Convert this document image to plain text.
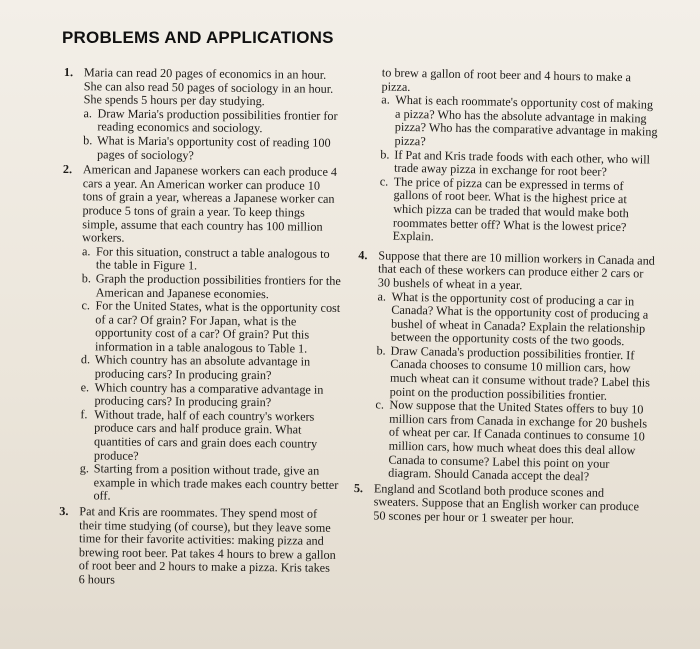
PROBLEMS AND APPLICATIONS
1. Maria can read 20 pages of economics in an hour. She can also read 50 pages of sociology in an hour. She spends 5 hours per day studying.

a. Draw Maria's production possibilities frontier for reading economics and sociology.

b. What is Maria's opportunity cost of reading 100 pages of sociology?

2. American and Japanese workers can each produce 4 cars a year. An American worker can produce 10 tons of grain a year, whereas a Japanese worker can produce 5 tons of grain a year. To keep things simple, assume that each country has 100 million workers.

a. For this situation, construct a table analogous to the table in Figure 1.

b. Graph the production possibilities frontiers for the American and Japanese economies.

c. For the United States, what is the opportunity cost of a car? Of grain? For Japan, what is the opportunity cost of a car? Of grain? Put this information in a table analogous to Table 1.

d. Which country has an absolute advantage in producing cars? In producing grain?

e. Which country has a comparative advantage in producing cars? In producing grain?

f. Without trade, half of each country's workers produce cars and half produce grain. What quantities of cars and grain does each country produce?

g. Starting from a position without trade, give an example in which trade makes each country better off.

3. Pat and Kris are roommates. They spend most of their time studying (of course), but they leave some time for their favorite activities: making pizza and brewing root beer. Pat takes 4 hours to brew a gallon of root beer and 2 hours to make a pizza. Kris takes 6 hours

to brew a gallon of root beer and 4 hours to make a pizza.

a. What is each roommate's opportunity cost of making a pizza? Who has the absolute advantage in making pizza? Who has the comparative advantage in making pizza?

b. If Pat and Kris trade foods with each other, who will trade away pizza in exchange for root beer?

c. The price of pizza can be expressed in terms of gallons of root beer. What is the highest price at which pizza can be traded that would make both roommates better off? What is the lowest price? Explain.

4. Suppose that there are 10 million workers in Canada and that each of these workers can produce either 2 cars or 30 bushels of wheat in a year.

a. What is the opportunity cost of producing a car in Canada? What is the opportunity cost of producing a bushel of wheat in Canada? Explain the relationship between the opportunity costs of the two goods.

b. Draw Canada's production possibilities frontier. If Canada chooses to consume 10 million cars, how much wheat can it consume without trade? Label this point on the production possibilities frontier.

c. Now suppose that the United States offers to buy 10 million cars from Canada in exchange for 20 bushels of wheat per car. If Canada continues to consume 10 million cars, how much wheat does this deal allow Canada to consume? Label this point on your diagram. Should Canada accept the deal?

5. England and Scotland both produce scones and sweaters. Suppose that an English worker can produce 50 scones per hour or 1 sweater per hour.
